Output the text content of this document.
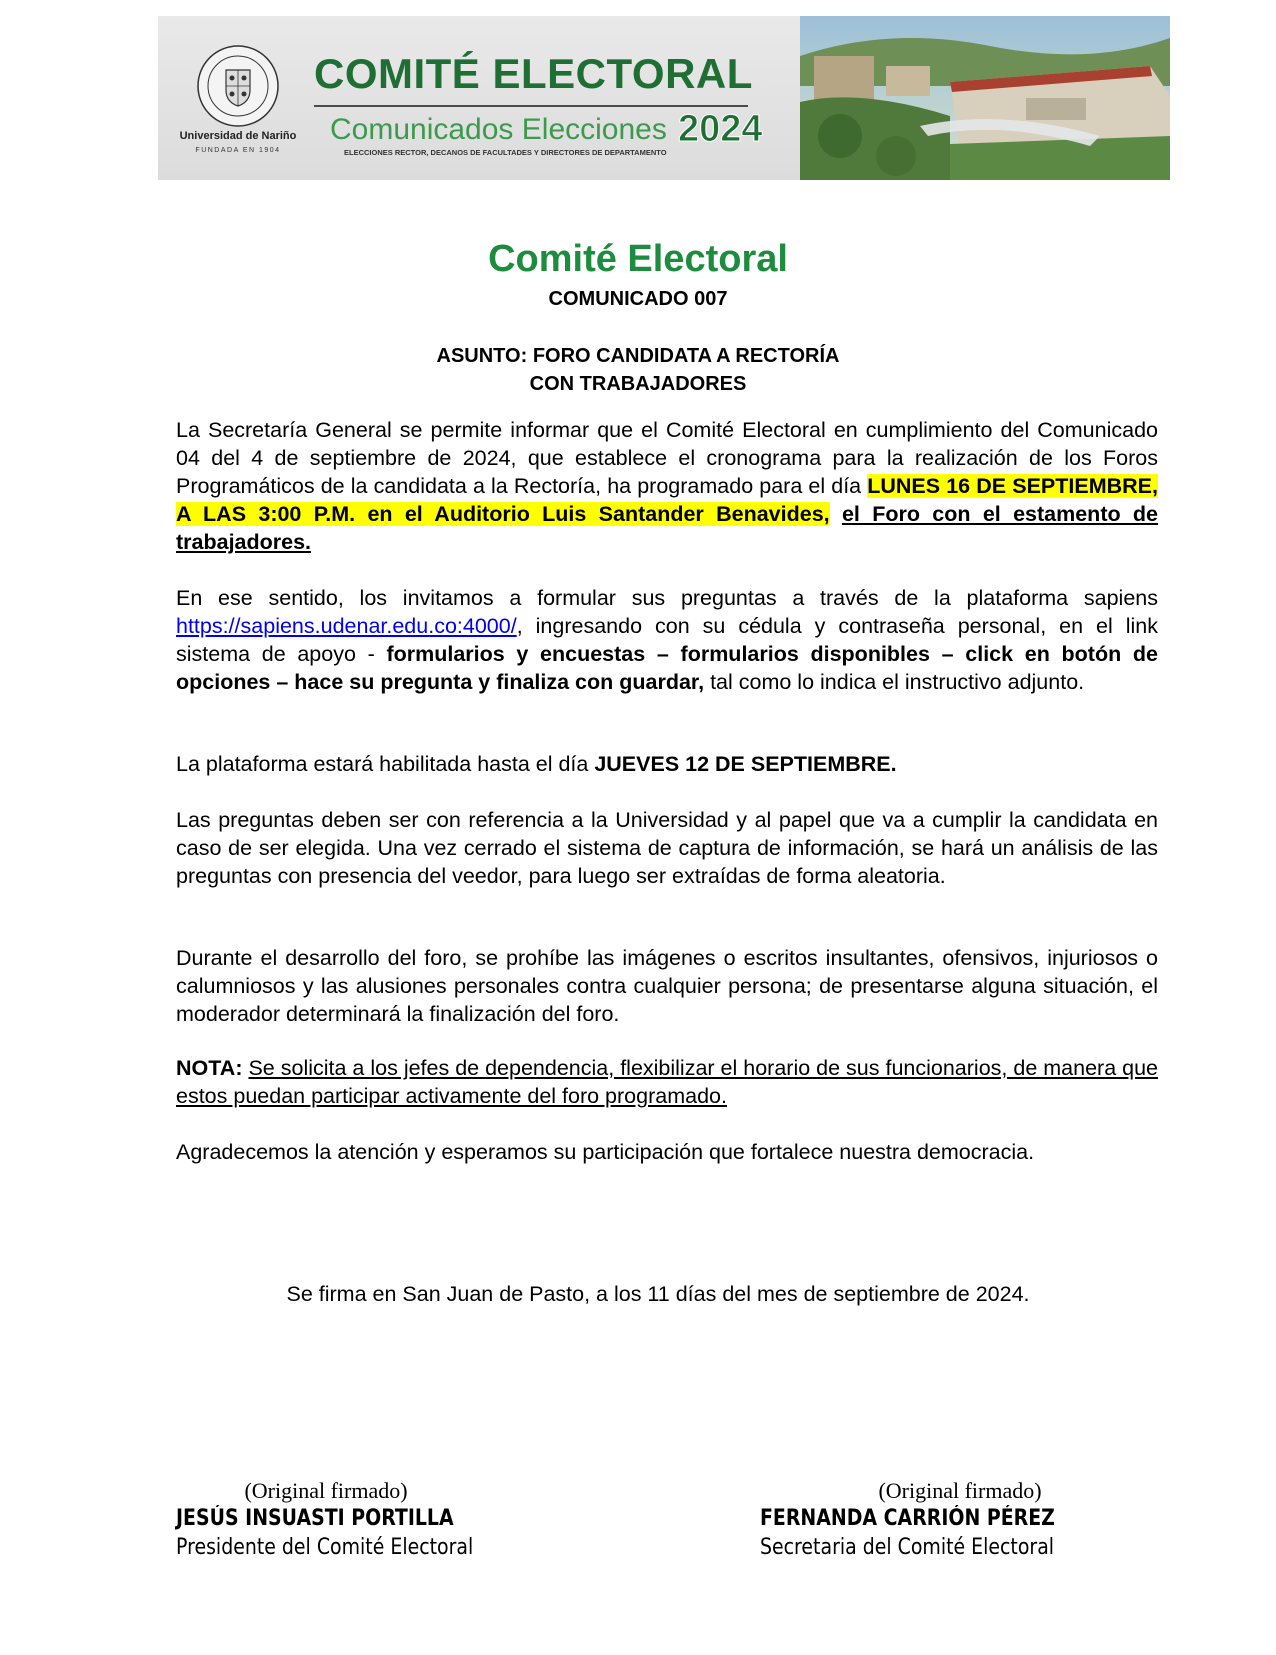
Universidad de Nariño
FUNDADA EN 1904
COMITÉ ELECTORAL
Comunicados Elecciones 2024
ELECCIONES RECTOR, DECANOS DE FACULTADES Y DIRECTORES DE DEPARTAMENTO
Comité Electoral
COMUNICADO 007
ASUNTO: FORO CANDIDATA A RECTORÍA
CON TRABAJADORES
La Secretaría General se permite informar que el Comité Electoral en cumplimiento del Comunicado 04 del 4 de septiembre de 2024, que establece el cronograma para la realización de los Foros Programáticos de la candidata a la Rectoría, ha programado para el día LUNES 16 DE SEPTIEMBRE, A LAS 3:00 P.M. en el Auditorio Luis Santander Benavides, el Foro con el estamento de trabajadores.
En ese sentido, los invitamos a formular sus preguntas a través de la plataforma sapiens https://sapiens.udenar.edu.co:4000/, ingresando con su cédula y contraseña personal, en el link sistema de apoyo - formularios y encuestas – formularios disponibles – click en botón de opciones – hace su pregunta y finaliza con guardar, tal como lo indica el instructivo adjunto.
La plataforma estará habilitada hasta el día JUEVES 12 DE SEPTIEMBRE.
Las preguntas deben ser con referencia a la Universidad y al papel que va a cumplir la candidata en caso de ser elegida. Una vez cerrado el sistema de captura de información, se hará un análisis de las preguntas con presencia del veedor, para luego ser extraídas de forma aleatoria.
Durante el desarrollo del foro, se prohíbe las imágenes o escritos insultantes, ofensivos, injuriosos o calumniosos y las alusiones personales contra cualquier persona; de presentarse alguna situación, el moderador determinará la finalización del foro.
NOTA: Se solicita a los jefes de dependencia, flexibilizar el horario de sus funcionarios, de manera que estos puedan participar activamente del foro programado.
Agradecemos la atención y esperamos su participación que fortalece nuestra democracia.
Se firma en San Juan de Pasto, a los 11 días del mes de septiembre de 2024.
(Original firmado)
JESÚS INSUASTI PORTILLA
Presidente del Comité Electoral
(Original firmado)
FERNANDA CARRIÓN PÉREZ
Secretaria del Comité Electoral
